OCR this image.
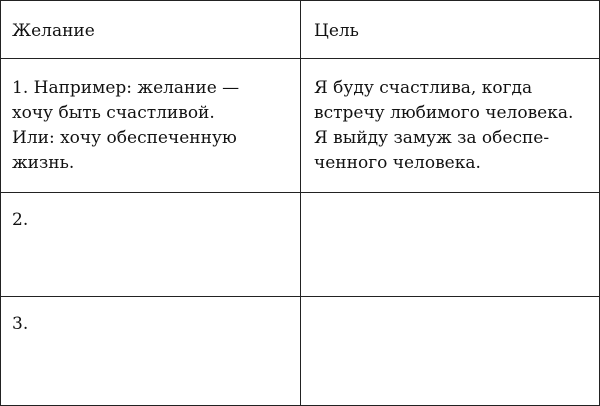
Желание	Цель

1. Например: желание —
хочу быть счастливой.
Или: хочу обеспеченную
жизнь.	Я буду счастлива, когда
встречу любимого человека.
Я выйду замуж за обеспе-
ченного человека.

2.	

3.	
